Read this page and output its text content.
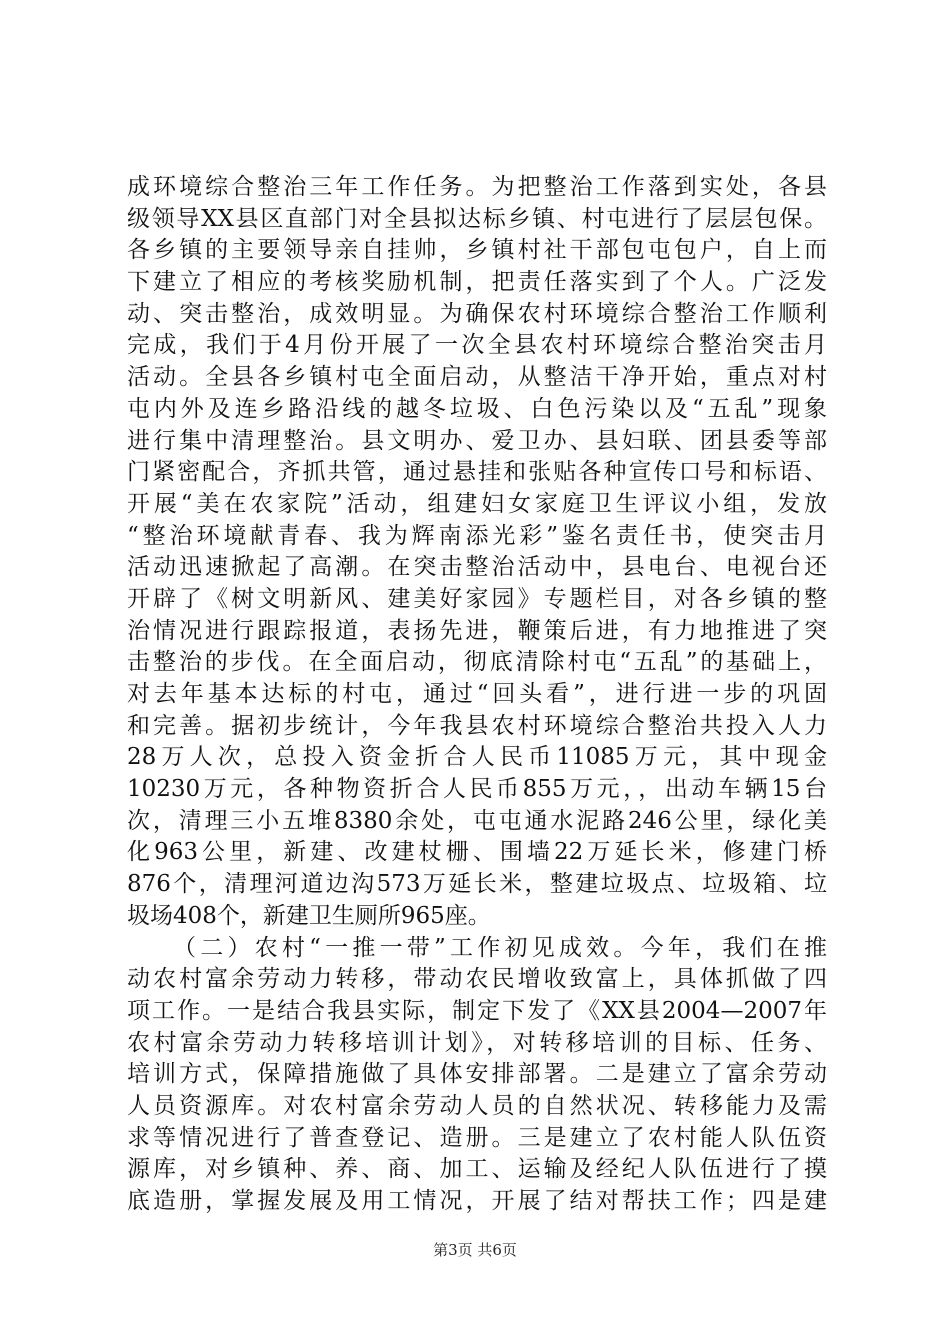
成环境综合整治三年工作任务。为把整治工作落到实处，各县
级领导XX县区直部门对全县拟达标乡镇、村屯进行了层层包保。
各乡镇的主要领导亲自挂帅，乡镇村社干部包屯包户，自上而
下建立了相应的考核奖励机制，把责任落实到了个人。广泛发
动、突击整治，成效明显。为确保农村环境综合整治工作顺利
完成，我们于4月份开展了一次全县农村环境综合整治突击月
活动。全县各乡镇村屯全面启动，从整洁干净开始，重点对村
屯内外及连乡路沿线的越冬垃圾、白色污染以及“五乱”现象
进行集中清理整治。县文明办、爱卫办、县妇联、团县委等部
门紧密配合，齐抓共管，通过悬挂和张贴各种宣传口号和标语、
开展“美在农家院”活动，组建妇女家庭卫生评议小组，发放
“整治环境献青春、我为辉南添光彩”鉴名责任书，使突击月
活动迅速掀起了高潮。在突击整治活动中，县电台、电视台还
开辟了《树文明新风、建美好家园》专题栏目，对各乡镇的整
治情况进行跟踪报道，表扬先进，鞭策后进，有力地推进了突
击整治的步伐。在全面启动，彻底清除村屯“五乱”的基础上，
对去年基本达标的村屯，通过“回头看”，进行进一步的巩固
和完善。据初步统计，今年我县农村环境综合整治共投入人力
28万人次，总投入资金折合人民币11085万元，其中现金
10230万元，各种物资折合人民币855万元，，出动车辆15台
次，清理三小五堆8380余处，屯屯通水泥路246公里，绿化美
化963公里，新建、改建杖栅、围墙22万延长米，修建门桥
876个，清理河道边沟573万延长米，整建垃圾点、垃圾箱、垃
圾场408个，新建卫生厕所965座。
（二）农村“一推一带”工作初见成效。今年，我们在推
动农村富余劳动力转移，带动农民增收致富上，具体抓做了四
项工作。一是结合我县实际，制定下发了《XX县2004—2007年
农村富余劳动力转移培训计划》，对转移培训的目标、任务、
培训方式，保障措施做了具体安排部署。二是建立了富余劳动
人员资源库。对农村富余劳动人员的自然状况、转移能力及需
求等情况进行了普查登记、造册。三是建立了农村能人队伍资
源库，对乡镇种、养、商、加工、运输及经纪人队伍进行了摸
底造册，掌握发展及用工情况，开展了结对帮扶工作；四是建
第3页 共6页
